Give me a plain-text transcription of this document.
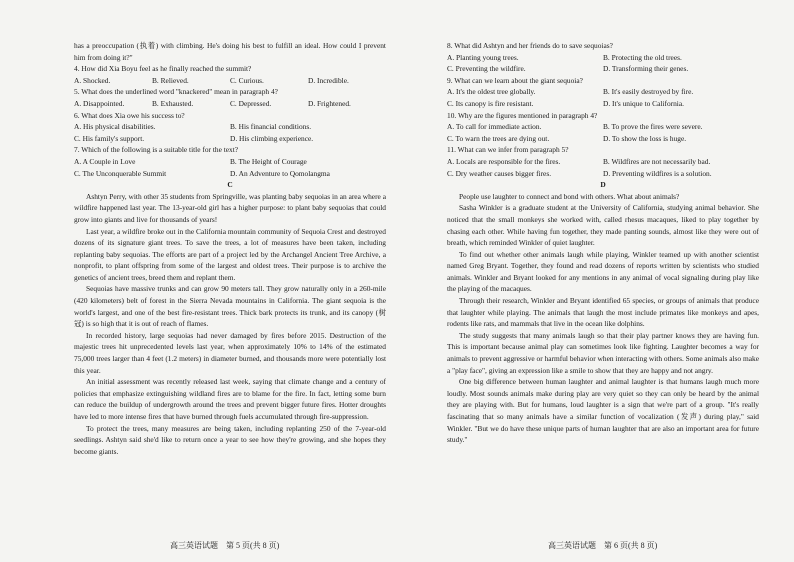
has a preoccupation (执着) with climbing. He's doing his best to fulfill an ideal. How could I prevent him from doing it?"
4. How did Xia Boyu feel as he finally reached the summit?
A. Shocked.	B. Relieved.	C. Curious.	D. Incredible.
5. What does the underlined word "knackered" mean in paragraph 4?
A. Disappointed.	B. Exhausted.	C. Depressed.	D. Frightened.
6. What does Xia owe his success to?
A. His physical disabilities.	B. His financial conditions.
C. His family's support.	D. His climbing experience.
7. Which of the following is a suitable title for the text?
A. A Couple in Love	B. The Height of Courage
C. The Unconquerable Summit	D. An Adventure to Qomolangma
C
Ashtyn Perry, with other 35 students from Springville, was planting baby sequoias in an area where a wildfire happened last year. The 13-year-old girl has a higher purpose: to plant baby sequoias that could grow into giants and live for thousands of years!
Last year, a wildfire broke out in the California mountain community of Sequoia Crest and destroyed dozens of its signature giant trees. To save the trees, a lot of measures have been taken, including replanting baby sequoias. The efforts are part of a project led by the Archangel Ancient Tree Archive, a nonprofit, to plant offspring from some of the largest and oldest trees. Their purpose is to archive the genetics of ancient trees, breed them and replant them.
Sequoias have massive trunks and can grow 90 meters tall. They grow naturally only in a 260-mile (420 kilometers) belt of forest in the Sierra Nevada mountains in California. The giant sequoia is the world's largest, and one of the best fire-resistant trees. Thick bark protects its trunk, and its canopy (树冠) is so high that it is out of reach of flames.
In recorded history, large sequoias had never damaged by fires before 2015. Destruction of the majestic trees hit unprecedented levels last year, when approximately 10% to 14% of the estimated 75,000 trees larger than 4 feet (1.2 meters) in diameter burned, and thousands more were potentially lost this year.
An initial assessment was recently released last week, saying that climate change and a century of policies that emphasize extinguishing wildland fires are to blame for the fire. In fact, letting some burn can reduce the buildup of undergrowth around the trees and prevent bigger future fires. Hotter droughts have led to more intense fires that have burned through fuels accumulated through fire-suppression.
To protect the trees, many measures are being taken, including replanting 250 of the 7-year-old seedlings. Ashtyn said she'd like to return once a year to see how they're growing, and she hopes they become giants.
8. What did Ashtyn and her friends do to save sequoias?
A. Planting young trees.	B. Protecting the old trees.
C. Preventing the wildfire.	D. Transforming their genes.
9. What can we learn about the giant sequoia?
A. It's the oldest tree globally.	B. It's easily destroyed by fire.
C. Its canopy is fire resistant.	D. It's unique to California.
10. Why are the figures mentioned in paragraph 4?
A. To call for immediate action.	B. To prove the fires were severe.
C. To warn the trees are dying out.	D. To show the loss is huge.
11. What can we infer from paragraph 5?
A. Locals are responsible for the fires.	B. Wildfires are not necessarily bad.
C. Dry weather causes bigger fires.	D. Preventing wildfires is a solution.
D
People use laughter to connect and bond with others. What about animals?
Sasha Winkler is a graduate student at the University of California, studying animal behavior. She noticed that the small monkeys she worked with, called rhesus macaques, liked to play together by chasing each other. While having fun together, they made panting sounds, almost like they were out of breath, which reminded Winkler of quiet laughter.
To find out whether other animals laugh while playing, Winkler teamed up with another scientist named Greg Bryant. Together, they found and read dozens of reports written by scientists who studied animals. Winkler and Bryant looked for any mentions in any animal of vocal signaling during play like the playing of the macaques.
Through their research, Winkler and Bryant identified 65 species, or groups of animals that produce that laughter while playing. The animals that laugh the most include primates like monkeys and apes, rodents like rats, and mammals that live in the ocean like dolphins.
The study suggests that many animals laugh so that their play partner knows they are having fun. This is important because animal play can sometimes look like fighting. Laughter becomes a way for animals to prevent aggressive or harmful behavior when interacting with others. Some animals also make a "play face", giving an expression like a smile to show that they are happy and not angry.
One big difference between human laughter and animal laughter is that humans laugh much more loudly. Most sounds animals make during play are very quiet so they can only be heard by the animal they are playing with. But for humans, loud laughter is a sign that we're part of a group. "It's really fascinating that so many animals have a similar function of vocalization (发声) during play," said Winkler. "But we do have these unique parts of human laughter that are also an important area for future study."
高三英语试题　第 5 页(共 8 页)	高三英语试题　第 6 页(共 8 页)
